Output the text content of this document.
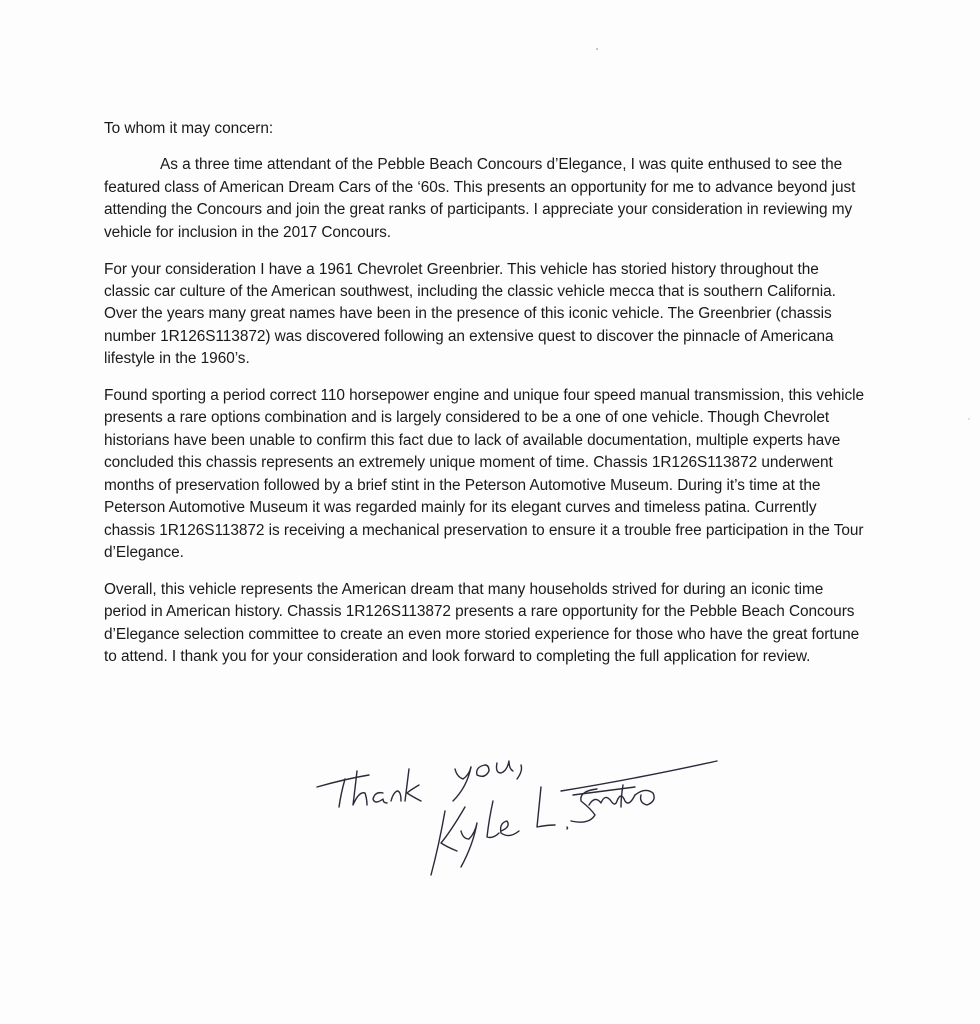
To whom it may concern:

As a three time attendant of the Pebble Beach Concours d’Elegance, I was quite enthused to see the featured class of American Dream Cars of the ‘60s. This presents an opportunity for me to advance beyond just attending the Concours and join the great ranks of participants. I appreciate your consideration in reviewing my vehicle for inclusion in the 2017 Concours.

For your consideration I have a 1961 Chevrolet Greenbrier. This vehicle has storied history throughout the classic car culture of the American southwest, including the classic vehicle mecca that is southern California. Over the years many great names have been in the presence of this iconic vehicle. The Greenbrier (chassis number 1R126S113872) was discovered following an extensive quest to discover the pinnacle of Americana lifestyle in the 1960’s.

Found sporting a period correct 110 horsepower engine and unique four speed manual transmission, this vehicle presents a rare options combination and is largely considered to be a one of one vehicle. Though Chevrolet historians have been unable to confirm this fact due to lack of available documentation, multiple experts have concluded this chassis represents an extremely unique moment of time. Chassis 1R126S113872 underwent months of preservation followed by a brief stint in the Peterson Automotive Museum. During it’s time at the Peterson Automotive Museum it was regarded mainly for its elegant curves and timeless patina. Currently chassis 1R126S113872 is receiving a mechanical preservation to ensure it a trouble free participation in the Tour d’Elegance.

Overall, this vehicle represents the American dream that many households strived for during an iconic time period in American history. Chassis 1R126S113872 presents a rare opportunity for the Pebble Beach Concours d’Elegance selection committee to create an even more storied experience for those who have the great fortune to attend. I thank you for your consideration and look forward to completing the full application for review.
